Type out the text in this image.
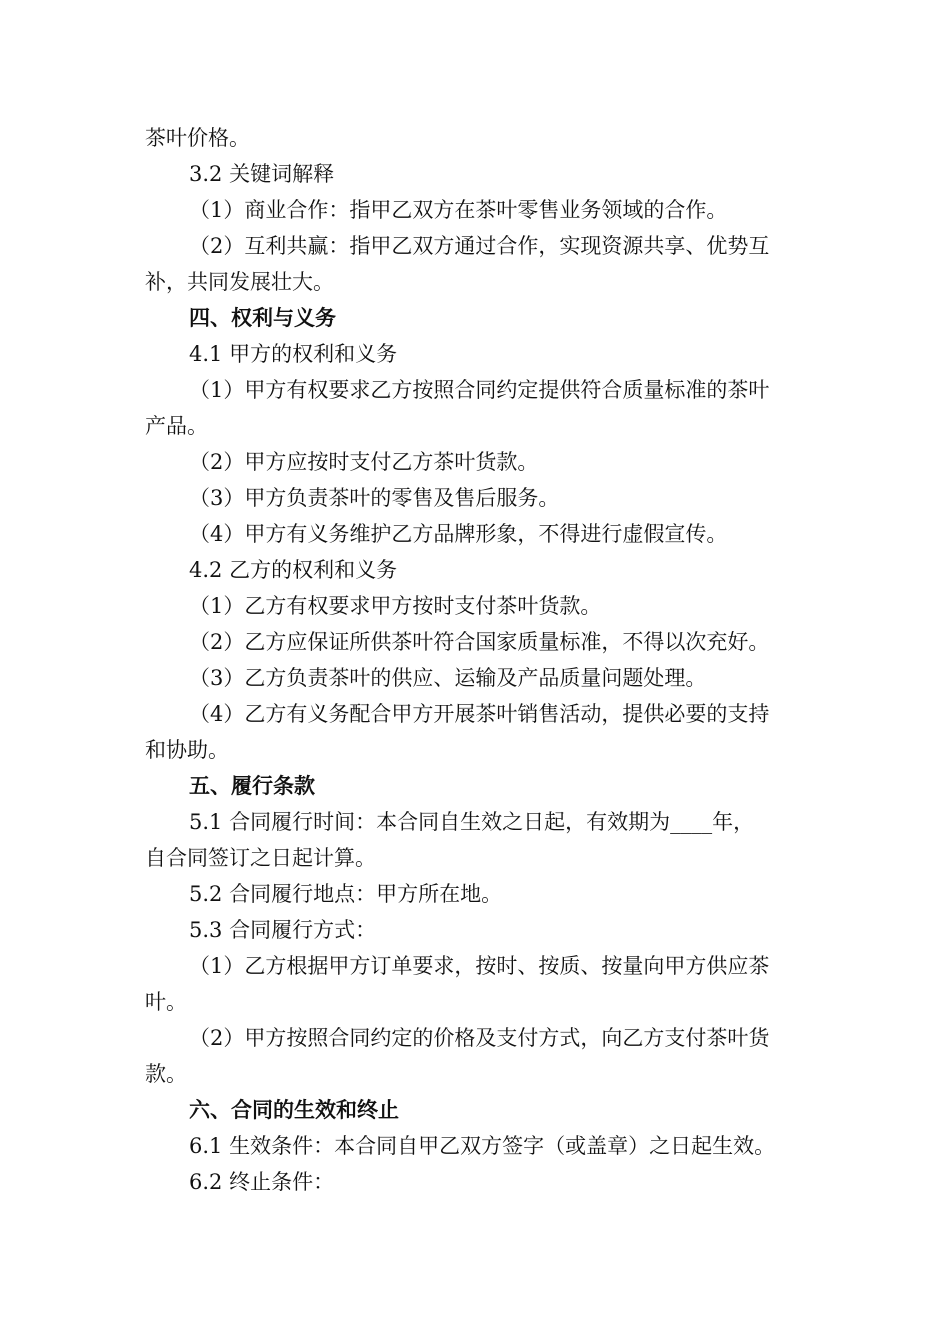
茶叶价格。
3.2 关键词解释
（1）商业合作：指甲乙双方在茶叶零售业务领域的合作。
（2）互利共赢：指甲乙双方通过合作，实现资源共享、优势互
补，共同发展壮大。
四、权利与义务
4.1 甲方的权利和义务
（1）甲方有权要求乙方按照合同约定提供符合质量标准的茶叶
产品。
（2）甲方应按时支付乙方茶叶货款。
（3）甲方负责茶叶的零售及售后服务。
（4）甲方有义务维护乙方品牌形象，不得进行虚假宣传。
4.2 乙方的权利和义务
（1）乙方有权要求甲方按时支付茶叶货款。
（2）乙方应保证所供茶叶符合国家质量标准，不得以次充好。
（3）乙方负责茶叶的供应、运输及产品质量问题处理。
（4）乙方有义务配合甲方开展茶叶销售活动，提供必要的支持
和协助。
五、履行条款
5.1 合同履行时间：本合同自生效之日起，有效期为____年，
自合同签订之日起计算。
5.2 合同履行地点：甲方所在地。
5.3 合同履行方式：
（1）乙方根据甲方订单要求，按时、按质、按量向甲方供应茶
叶。
（2）甲方按照合同约定的价格及支付方式，向乙方支付茶叶货
款。
六、合同的生效和终止
6.1 生效条件：本合同自甲乙双方签字（或盖章）之日起生效。
6.2 终止条件：
